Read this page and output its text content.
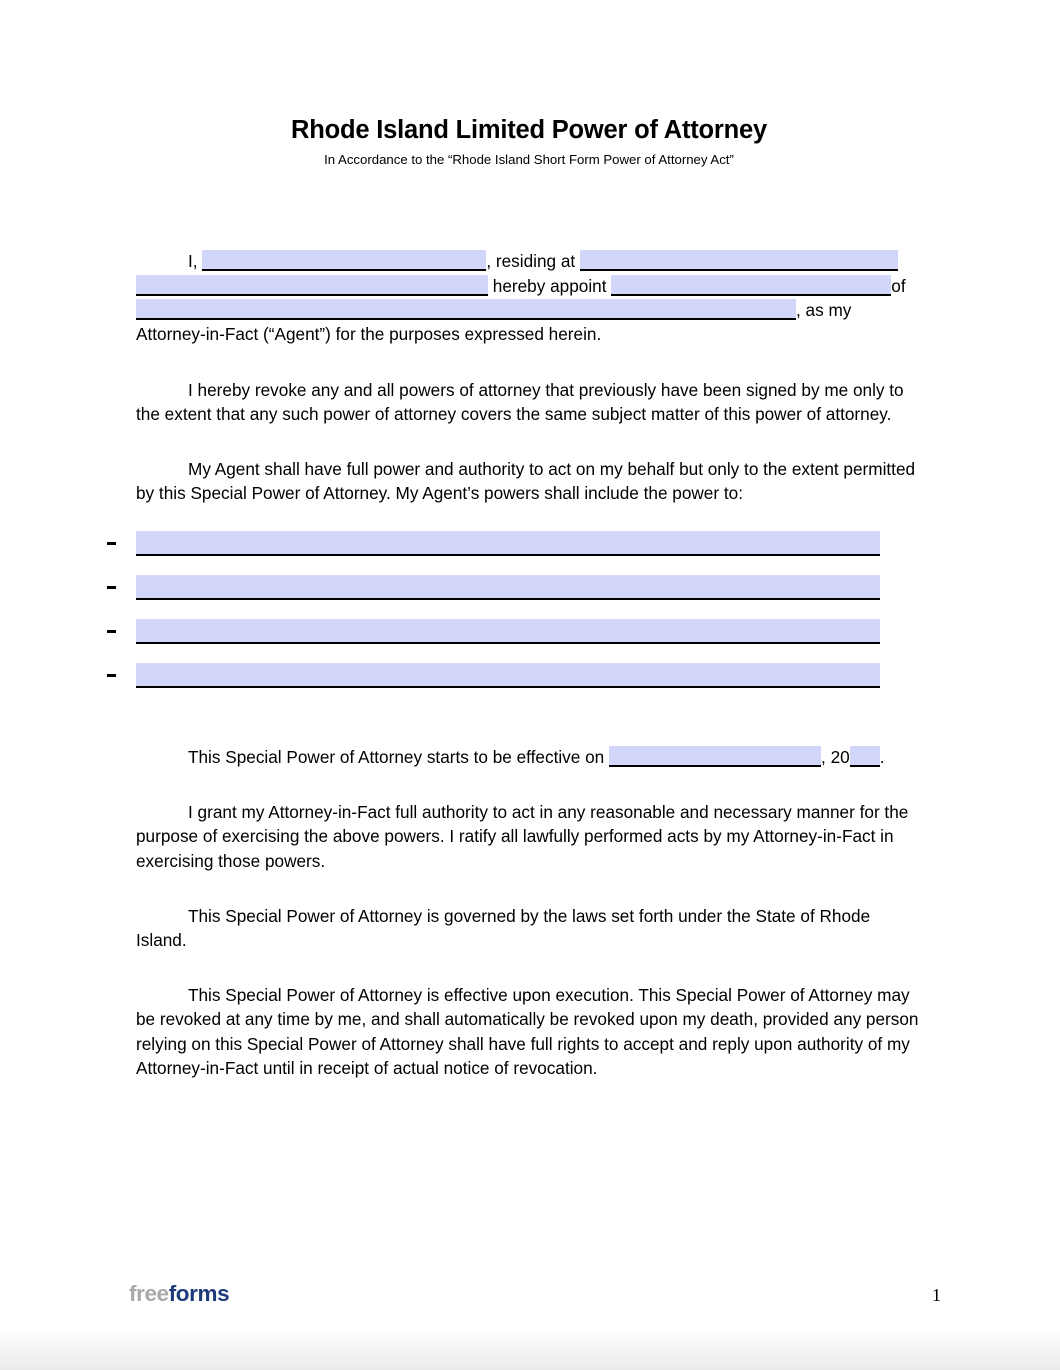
Rhode Island Limited Power of Attorney
In Accordance to the “Rhode Island Short Form Power of Attorney Act”
I,	, residing at  hereby appoint	of , as my Attorney-in-Fact (“Agent”) for the purposes expressed herein.
I hereby revoke any and all powers of attorney that previously have been signed by me only to the extent that any such power of attorney covers the same subject matter of this power of attorney.
My Agent shall have full power and authority to act on my behalf but only to the extent permitted by this Special Power of Attorney. My Agent’s powers shall include the power to:
This Special Power of Attorney starts to be effective on	, 20 .
I grant my Attorney-in-Fact full authority to act in any reasonable and necessary manner for the purpose of exercising the above powers. I ratify all lawfully performed acts by my Attorney-in-Fact in exercising those powers.
This Special Power of Attorney is governed by the laws set forth under the State of Rhode Island.
This Special Power of Attorney is effective upon execution. This Special Power of Attorney may be revoked at any time by me, and shall automatically be revoked upon my death, provided any person relying on this Special Power of Attorney shall have full rights to accept and reply upon authority of my Attorney-in-Fact until in receipt of actual notice of revocation.
freeforms	1
